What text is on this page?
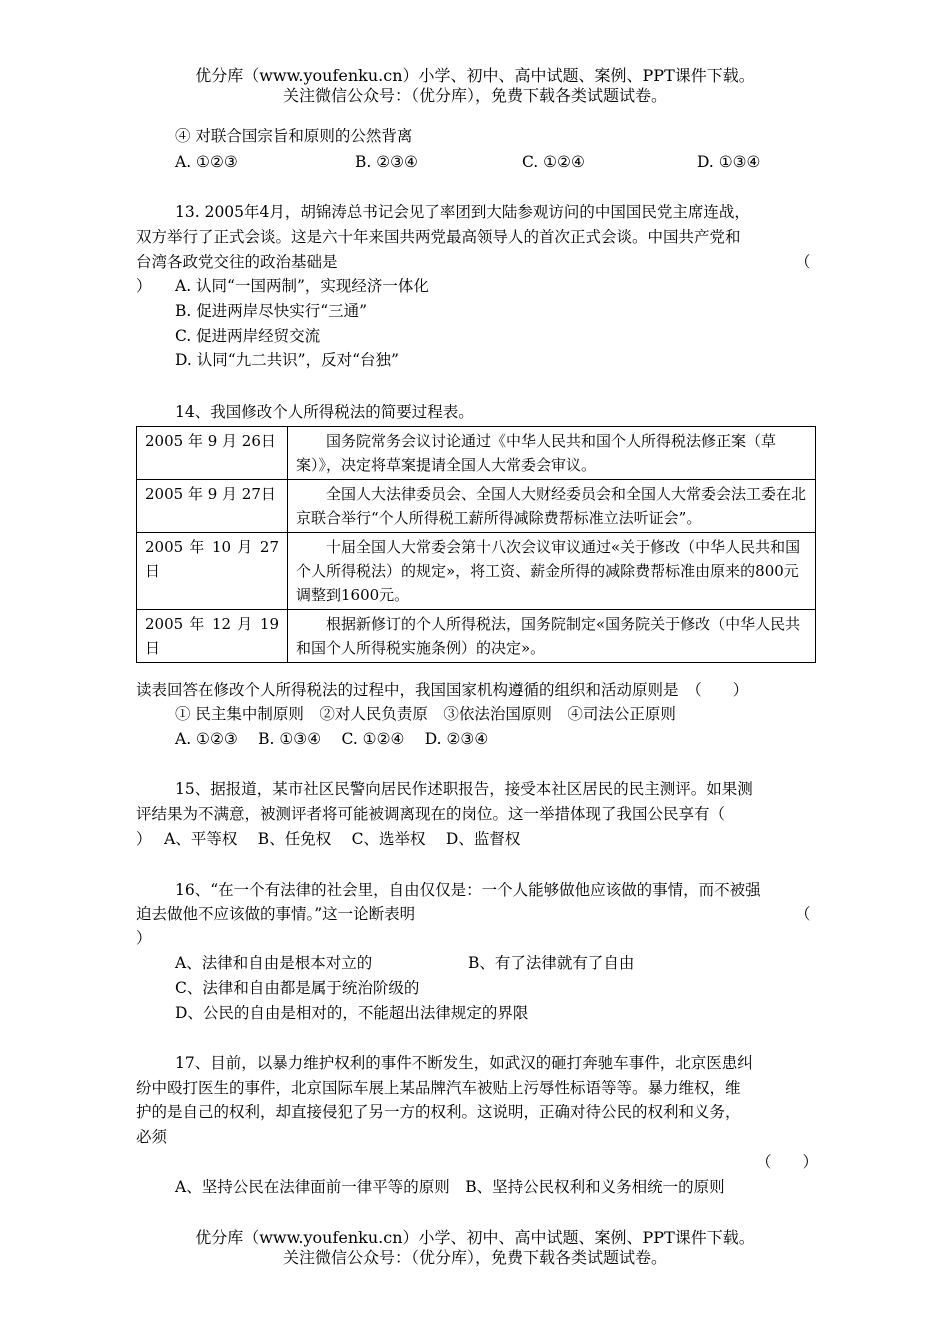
优分库（www.youfenku.cn）小学、初中、高中试题、案例、PPT课件下载。
关注微信公众号：（优分库），免费下载各类试题试卷。
④ 对联合国宗旨和原则的公然背离
A. ①②③	B. ②③④	C. ①②④	D. ①③④
13. 2005年4月，胡锦涛总书记会见了率团到大陆参观访问的中国国民党主席连战，
双方举行了正式会谈。这是六十年来国共两党最高领导人的首次正式会谈。中国共产党和
台湾各政党交往的政治基础是	（
） A. 认同“一国两制”，实现经济一体化
B. 促进两岸尽快实行“三通”
C. 促进两岸经贸交流
D. 认同“九二共识”，反对“台独”
14、我国修改个人所得税法的简要过程表。
2005 年 9 月 26日	国务院常务会议讨论通过《中华人民共和国个人所得税法修正案（草案）》，决定将草案提请全国人大常委会审议。
2005 年 9 月 27日	全国人大法律委员会、全国人大财经委员会和全国人大常委会法工委在北京联合举行“个人所得税工薪所得减除费帮标准立法听证会”。
2005 年 10 月 27日	十届全国人大常委会第十八次会议审议通过«关于修改（中华人民共和国个人所得税法）的规定»，将工资、薪金所得的减除费帮标准由原来的800元调整到1600元。
2005 年 12 月 19日	根据新修订的个人所得税法，国务院制定«国务院关于修改（中华人民共和国个人所得税实施条例）的决定»。
读表回答在修改个人所得税法的过程中，我国国家机构遵循的组织和活动原则是　（　　）
① 民主集中制原则　②对人民负责原　③依法治国原则　④司法公正原则
A. ①②③　 B. ①③④　 C. ①②④　 D. ②③④
15、据报道，某市社区民警向居民作述职报告，接受本社区居民的民主测评。如果测
评结果为不满意，被测评者将可能被调离现在的岗位。这一举措体现了我国公民享有（
）　 A、平等权　 B、任免权　 C、选举权　 D、监督权
16、“在一个有法律的社会里，自由仅仅是：一个人能够做他应该做的事情，而不被强
迫去做他不应该做的事情。”这一论断表明	（
）
A、法律和自由是根本对立的	B、有了法律就有了自由
C、法律和自由都是属于统治阶级的
D、公民的自由是相对的，不能超出法律规定的界限
17、目前，以暴力维护权利的事件不断发生，如武汉的砸打奔驰车事件，北京医患纠
纷中殴打医生的事件，北京国际车展上某品牌汽车被贴上污辱性标语等等。暴力维权，维
护的是自己的权利，却直接侵犯了另一方的权利。这说明，正确对待公民的权利和义务，
必须
（　　）
A、坚持公民在法律面前一律平等的原则　B、坚持公民权利和义务相统一的原则
优分库（www.youfenku.cn）小学、初中、高中试题、案例、PPT课件下载。
关注微信公众号：（优分库），免费下载各类试题试卷。
